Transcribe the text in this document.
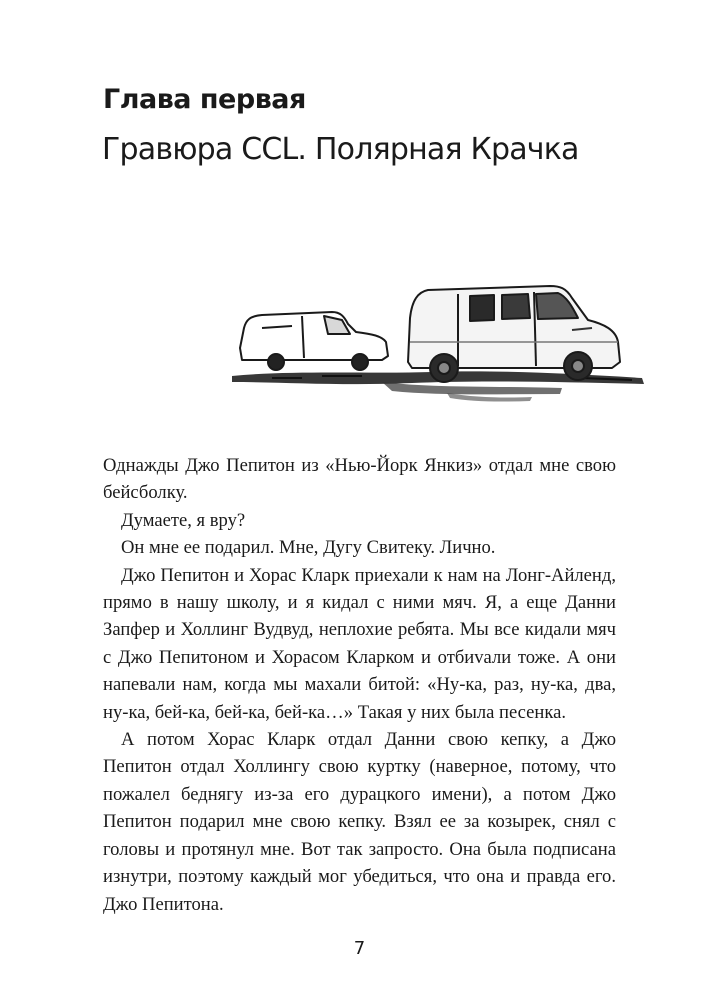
Глава первая
Гравюра CCL. Полярная Крачка

Однажды Джо Пепитон из «Нью-Йорк Янкиз» отдал мне свою бейсболку.

Думаете, я вру?

Он мне ее подарил. Мне, Дугу Свитеку. Лично.

Джо Пепитон и Хорас Кларк приехали к нам на Лонг-Айленд, прямо в нашу школу, и я кидал с ними мяч. Я, а еще Данни Запфер и Холлинг Вудвуд, неплохие ребята. Мы все кидали мяч с Джо Пепитоном и Хорасом Кларком и отбиvали тоже. А они напевали нам, когда мы махали битой: «Ну-ка, раз, ну-ка, два, ну-ка, бей-ка, бей-ка, бей-ка…» Такая у них была песенка.

А потом Хорас Кларк отдал Данни свою кепку, а Джо Пепитон отдал Холлингу свою куртку (наверное, потому, что пожалел беднягу из-за его дурацкого имени), а потом Джо Пепитон подарил мне свою кепку. Взял ее за козырек, снял с головы и протянул мне. Вот так запросто. Она была подписана изнутри, поэтому каждый мог убедиться, что она и правда его. Джо Пепитона.

7
